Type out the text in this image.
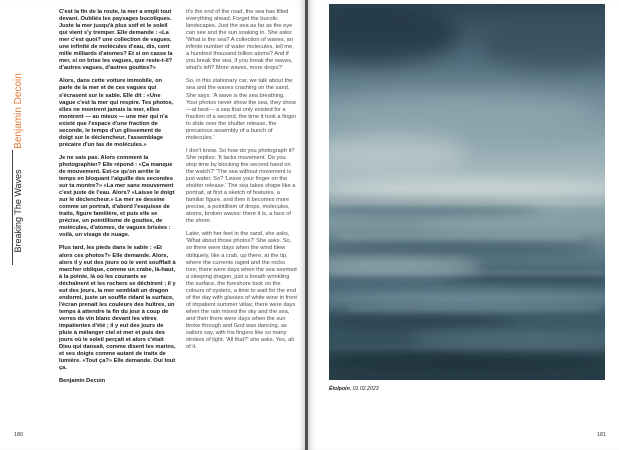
Breaking The Waves
Benjamin Decoin

C'est la fin de la route, la mer a empli tout devant. Oubliés les paysages bucoliques. Juste la mer jusqu'à plus soif et le soleil qui vient s'y tremper. Elle demande : «La mer c'est quoi? une collection de vagues, une infinité de molécules d'eau, dis, cent mille milliards d'atomes? Et si on casse la mer, si on brise les vagues, que reste-t-il? d'autres vagues, d'autres gouttes?»

Alors, dans cette voiture immobile, on parle de la mer et de ces vagues qui s'écrasent sur le sable. Elle dit : «Une vague c'est la mer qui respire. Tes photos, elles ne montrent jamais la mer, elles montrent — au mieux — une mer qui n'a existé que l'espace d'une fraction de seconde, le temps d'un glissement de doigt sur le déclencheur, l'assemblage précaire d'un tas de molécules.»

Je ne sais pas. Alors comment la photographier? Elle répond : «Ça manque de mouvement. Est-ce qu'on arrête le temps en bloquant l'aiguille des secondes sur ta montre?» «La mer sans mouvement c'est juste de l'eau. Alors? «Laisse le doigt sur le déclencheur.» La mer se dessine comme un portrait, d'abord l'esquisse de traits, figure familière, et puis elle se précise, un pointillisme de gouttes, de molécules, d'atomes, de vagues brisées : voilà, un visage de nuage.

Plus tard, les pieds dans le sable : «Et alors ces photos?» Elle demande. Alors, alors il y eut des jours où le vent soufflait à marcher oblique, comme un crabe, là-haut, à la pointe, là où les courants se déchaînent et les rochers se déchirent ; il y eut des jours, la mer semblait un dragon endormi, juste un souffle ridant la surface, l'écran prenait les couleurs des huîtres, un temps à attendre la fin du jour à coup de verres de vin blanc devant les vitres impatientes d'été ; il y eut des jours de pluie à mélanger ciel et mer et puis des jours où le soleil perçait et alors c'était Dieu qui dansait, comme disent les marins, et ses doigts comme autant de traits de lumière. «Tout ça?» Elle demande. Oui tout ça.

Benjamin Decoin

It's the end of the road, the sea has filled everything ahead. Forget the bucolic landscapes. Just the sea as far as the eye can see and the sun soaking in. She asks: 'What is the sea? A collection of waves, an infinite number of water molecules, tell me, a hundred thousand billion atoms? And if you break the sea, if you break the waves, what's left? More waves, more drops?'

So, in this stationary car, we talk about the sea and the waves crashing on the sand. She says: 'A wave is the sea breathing. Your photos never show the sea, they show —at best— a sea that only existed for a fraction of a second, the time it took a finger to slide over the shutter release, the precarious assembly of a bunch of molecules.'

I don't know. So how do you photograph it? She replies: 'It lacks movement. Do you stop time by blocking the second hand on the watch?' 'The sea without movement is just water. So? 'Leave your finger on the shutter release.' The sea takes shape like a portrait, at first a sketch of features, a familiar figure, and then it becomes more precise, a pointillism of drops, molecules, atoms, broken waves: there it is, a face of the shore.

Later, with her feet in the sand, she asks, 'What about those photos?' She asks. So, so there were days when the wind blew obliquely, like a crab, up there, at the tip, where the currents raged and the rocks tore; there were days when the sea seemed a sleeping dragon, just a breath wrinkling the surface, the foreshore took on the colours of oysters, a time to wait for the end of the day with glasses of white wine in front of impatient summer villas; there were days when the rain mixed the sky and the sea, and then there were days when the sun broke through and God was dancing, as sailors say, with his fingers like so many strokes of light. 'All that?' she asks. Yes, all of it.

180
Étolpoin, 01.02.2023
181
